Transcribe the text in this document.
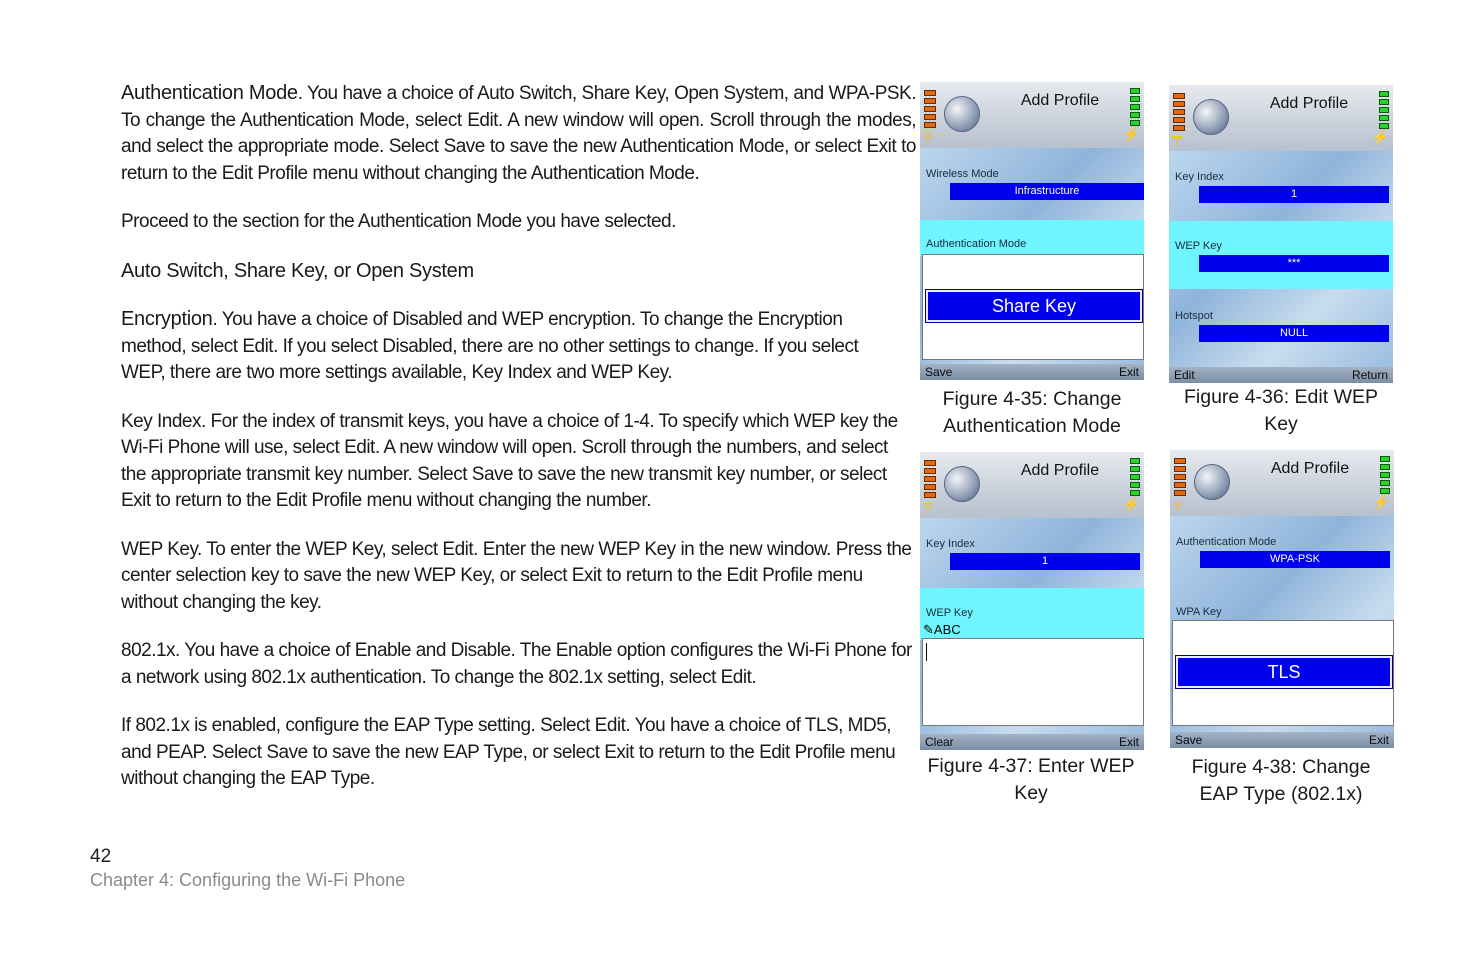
Authentication Mode. You have a choice of Auto Switch, Share Key, Open System, and WPA-PSK. To change the Authentication Mode, select Edit. A new window will open. Scroll through the modes, and select the appropriate mode. Select Save to save the new Authentication Mode, or select Exit to return to the Edit Profile menu without changing the Authentication Mode.

Proceed to the section for the Authentication Mode you have selected.

Auto Switch, Share Key, or Open System

Encryption. You have a choice of Disabled and WEP encryption. To change the Encryption method, select Edit. If you select Disabled, there are no other settings to change. If you select WEP, there are two more settings available, Key Index and WEP Key.

Key Index. For the index of transmit keys, you have a choice of 1-4. To specify which WEP key the Wi-Fi Phone will use, select Edit. A new window will open. Scroll through the numbers, and select the appropriate transmit key number. Select Save to save the new transmit key number, or select Exit to return to the Edit Profile menu without changing the number.

WEP Key. To enter the WEP Key, select Edit. Enter the new WEP Key in the new window. Press the center selection key to save the new WEP Key, or select Exit to return to the Edit Profile menu without changing the key.

802.1x. You have a choice of Enable and Disable. The Enable option configures the Wi-Fi Phone for a network using 802.1x authentication. To change the 802.1x setting, select Edit.

If 802.1x is enabled, configure the EAP Type setting. Select Edit. You have a choice of TLS, MD5, and PEAP. Select Save to save the new EAP Type, or select Exit to return to the Edit Profile menu without changing the EAP Type.

42
Chapter 4: Configuring the Wi-Fi Phone
╤
Add Profile
⚡
Wireless Mode
Infrastructure
Authentication Mode
Share Key
Save	Exit
Figure 4-35: Change
Authentication Mode
╤
Add Profile
⚡
Key Index
1
WEP Key
***
Hotspot
NULL
Edit	Return
Figure 4-36: Edit WEP
Key
╤
Add Profile
⚡
Key Index
1
WEP Key
✎ABC
Clear	Exit
Figure 4-37: Enter WEP
Key
╤
Add Profile
⚡
Authentication Mode
WPA-PSK
WPA Key
TLS
Save	Exit
Figure 4-38: Change
EAP Type (802.1x)
